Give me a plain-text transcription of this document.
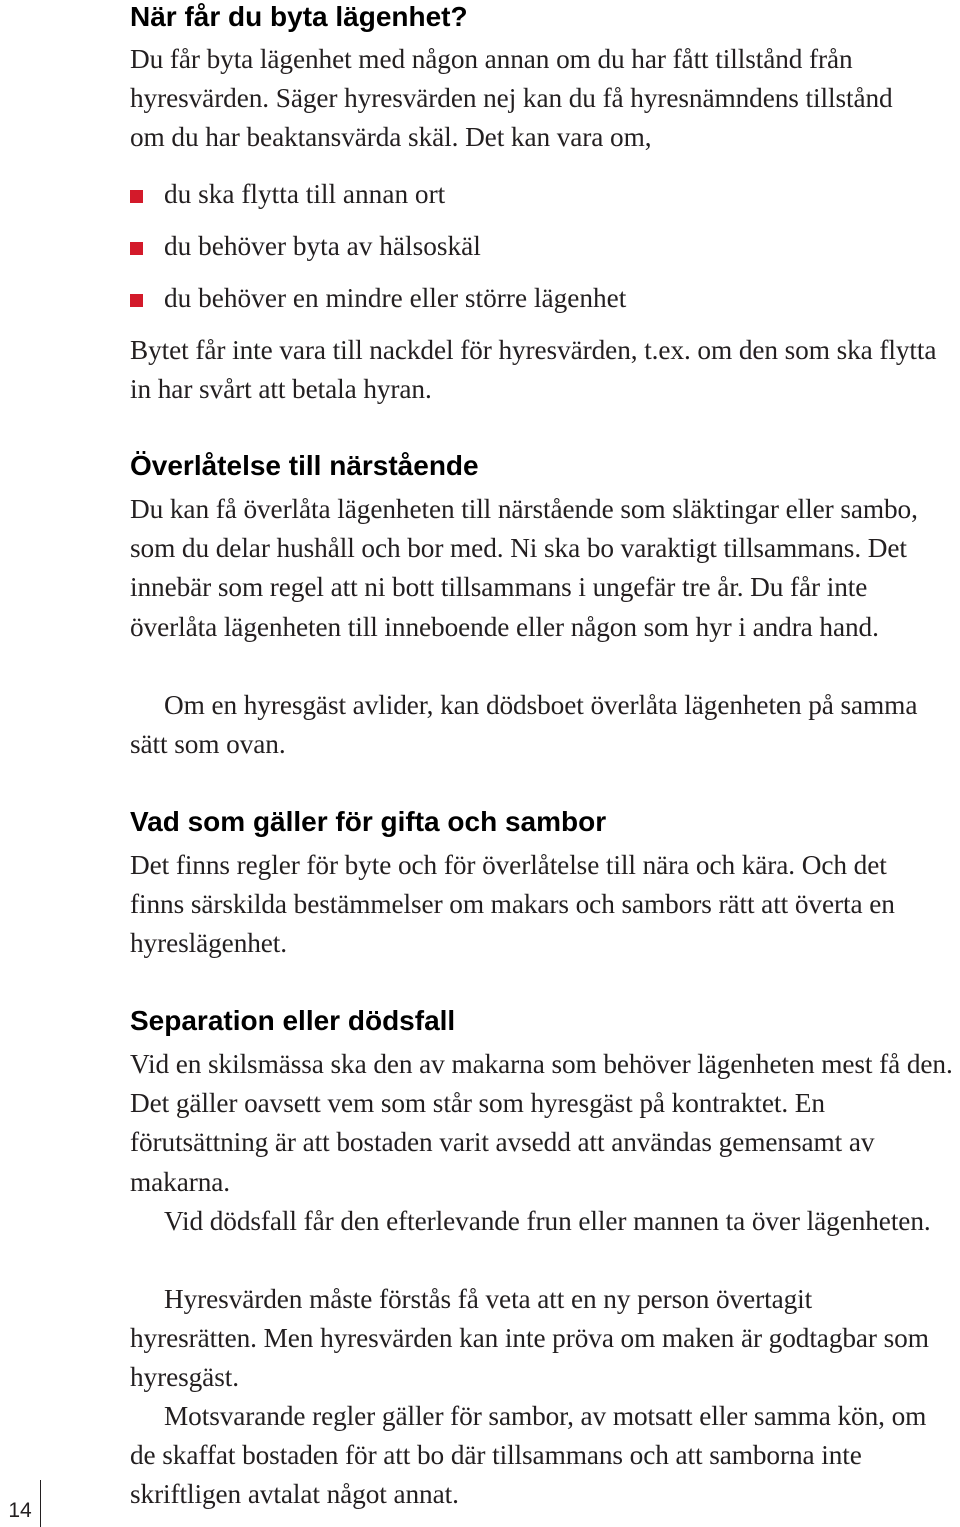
När får du byta lägenhet?

Du får byta lägenhet med någon annan om du har fått tillstånd från hyresvärden. Säger hyresvärden nej kan du få hyresnämndens tillstånd om du har beaktansvärda skäl. Det kan vara om,

du ska flytta till annan ort
du behöver byta av hälsoskäl
du behöver en mindre eller större lägenhet

Bytet får inte vara till nackdel för hyresvärden, t.ex. om den som ska flytta in har svårt att betala hyran.

Överlåtelse till närstående

Du kan få överlåta lägenheten till närstående som släktingar eller sambo, som du delar hushåll och bor med. Ni ska bo varaktigt tillsammans. Det innebär som regel att ni bott tillsammans i ungefär tre år. Du får inte överlåta lägenheten till inneboende eller någon som hyr i andra hand.

Om en hyresgäst avlider, kan dödsboet överlåta lägenheten på samma sätt som ovan.

Vad som gäller för gifta och sambor

Det finns regler för byte och för överlåtelse till nära och kära. Och det finns särskilda bestämmelser om makars och sambors rätt att överta en hyreslägenhet.

Separation eller dödsfall

Vid en skilsmässa ska den av makarna som behöver lägenheten mest få den. Det gäller oavsett vem som står som hyresgäst på kontraktet. En förutsättning är att bostaden varit avsedd att användas gemensamt av makarna.

Vid dödsfall får den efterlevande frun eller mannen ta över lägenheten.

Hyresvärden måste förstås få veta att en ny person övertagit hyresrätten. Men hyresvärden kan inte pröva om maken är godtagbar som hyresgäst.

Motsvarande regler gäller för sambor, av motsatt eller samma kön, om de skaffat bostaden för att bo där tillsammans och att samborna inte skriftligen avtalat något annat.

14
